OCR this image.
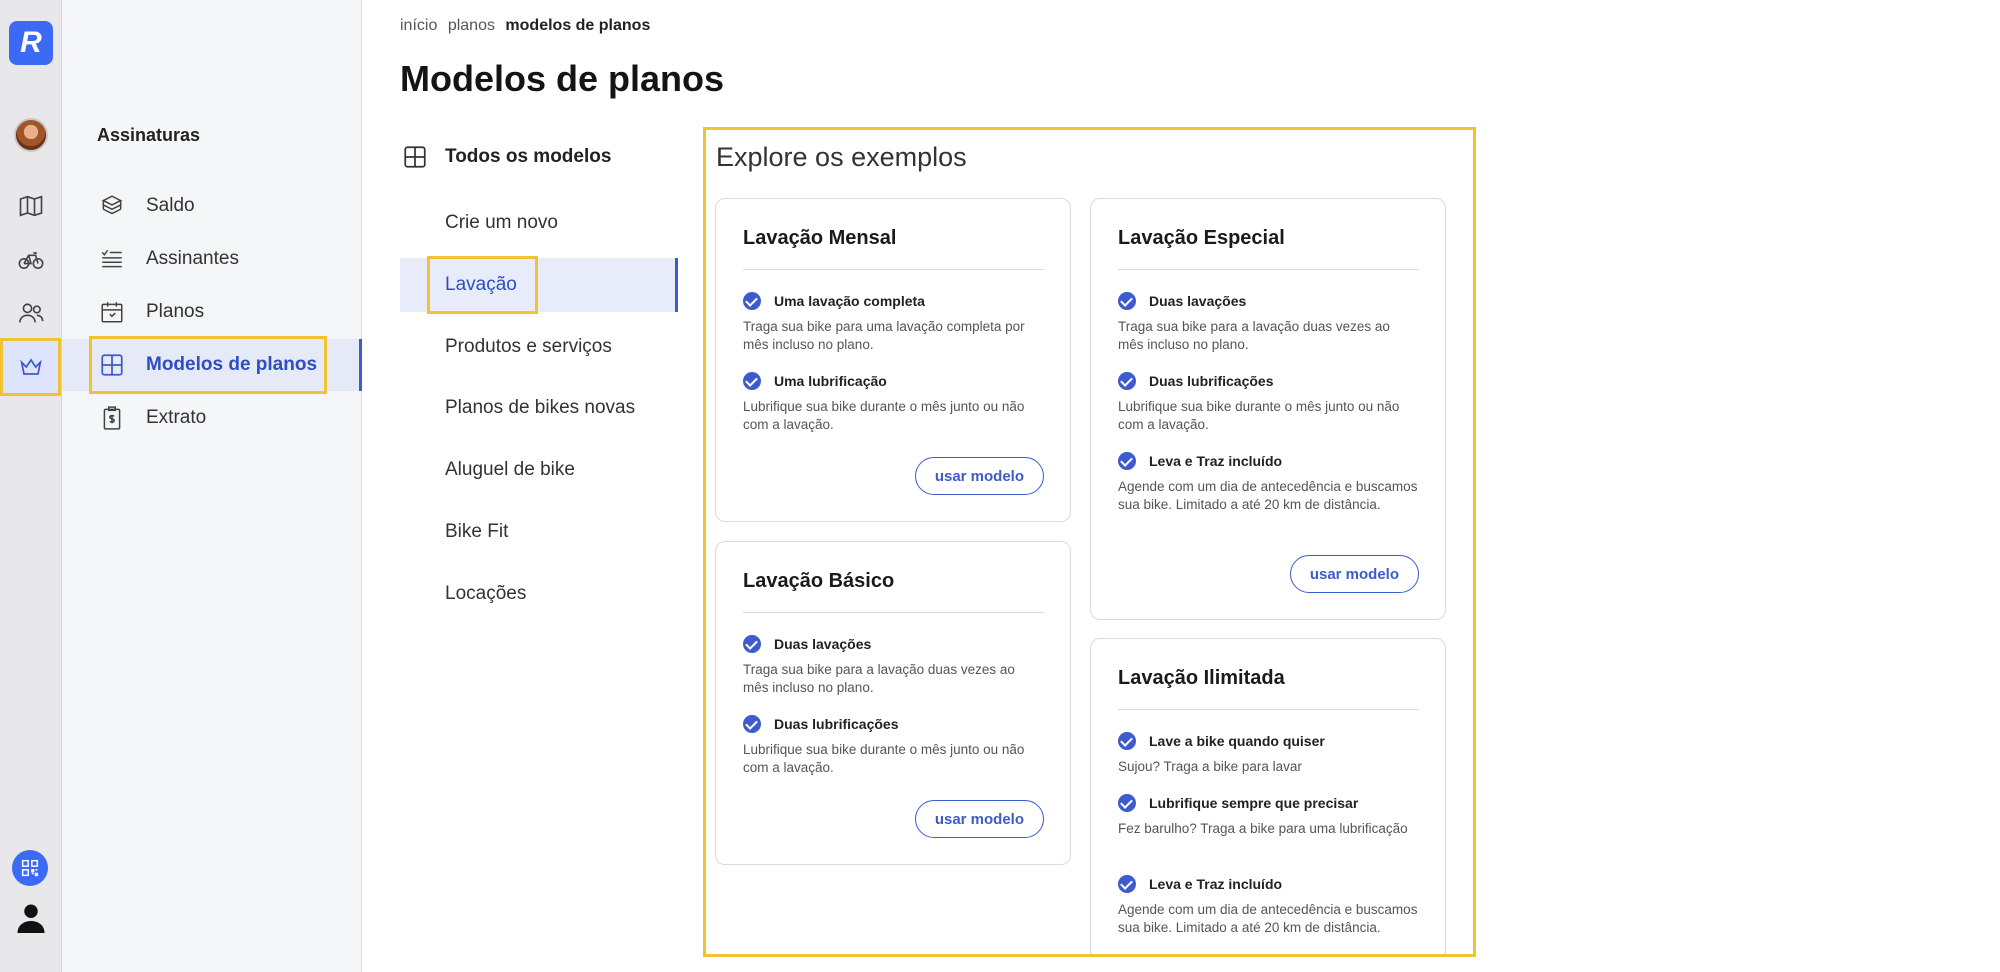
R
Assinaturas
Saldo
Assinantes
Planos
Modelos de planos
Extrato
início planos modelos de planos
Modelos de planos
Todos os modelos
Crie um novo
Lavação
Produtos e serviços
Planos de bikes novas
Aluguel de bike
Bike Fit
Locações
Explore os exemplos
Lavação Mensal
Uma lavação completa
Traga sua bike para uma lavação completa por mês incluso no plano.
Uma lubrificação
Lubrifique sua bike durante o mês junto ou não com a lavação.
usar modelo
Lavação Básico
Duas lavações
Traga sua bike para a lavação duas vezes ao mês incluso no plano.
Duas lubrificações
Lubrifique sua bike durante o mês junto ou não com a lavação.
usar modelo
Lavação Especial
Duas lavações
Traga sua bike para a lavação duas vezes ao mês incluso no plano.
Duas lubrificações
Lubrifique sua bike durante o mês junto ou não com a lavação.
Leva e Traz incluído
Agende com um dia de antecedência e buscamos sua bike. Limitado a até 20 km de distância.
usar modelo
Lavação Ilimitada
Lave a bike quando quiser
Sujou? Traga a bike para lavar
Lubrifique sempre que precisar
Fez barulho? Traga a bike para uma lubrificação
Leva e Traz incluído
Agende com um dia de antecedência e buscamos sua bike. Limitado a até 20 km de distância.
